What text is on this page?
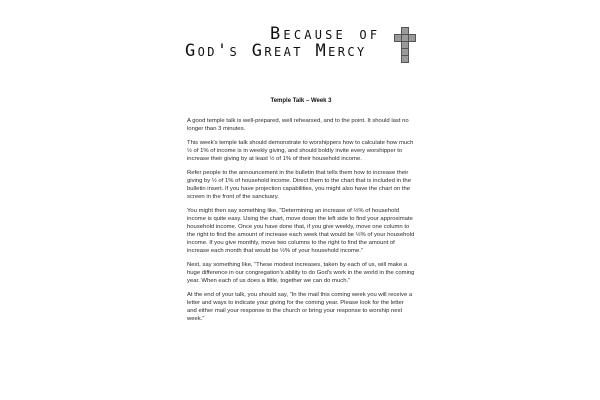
Because of
God's Great Mercy
Temple Talk – Week 3

A good temple talk is well-prepared, well rehearsed, and to the point. It should last no longer than 3 minutes.

This week's temple talk should demonstrate to worshippers how to calculate how much ½ of 1% of income is in weekly giving, and should boldly invite every worshipper to increase their giving by at least ½ of 1% of their household income.

Refer people to the announcement in the bulletin that tells them how to increase their giving by ½ of 1% of household income. Direct them to the chart that is included in the bulletin insert. If you have projection capabilities, you might also have the chart on the screen in the front of the sanctuary.

You might then say something like, “Determining an increase of ½% of household income is quite easy. Using the chart, move down the left side to find your approximate household income. Once you have done that, if you give weekly, move one column to the right to find the amount of increase each week that would be ½% of your household income. If you give monthly, move two columns to the right to find the amount of increase each month that would be ½% of your household income.”

Next, say something like, “These modest increases, taken by each of us, will make a huge difference in our congregation's ability to do God's work in the world in the coming year. When each of us does a little, together we can do much.”

At the end of your talk, you should say, “In the mail this coming week you will receive a letter and ways to indicate your giving for the coming year. Please look for the letter and either mail your response to the church or bring your response to worship next week.”
